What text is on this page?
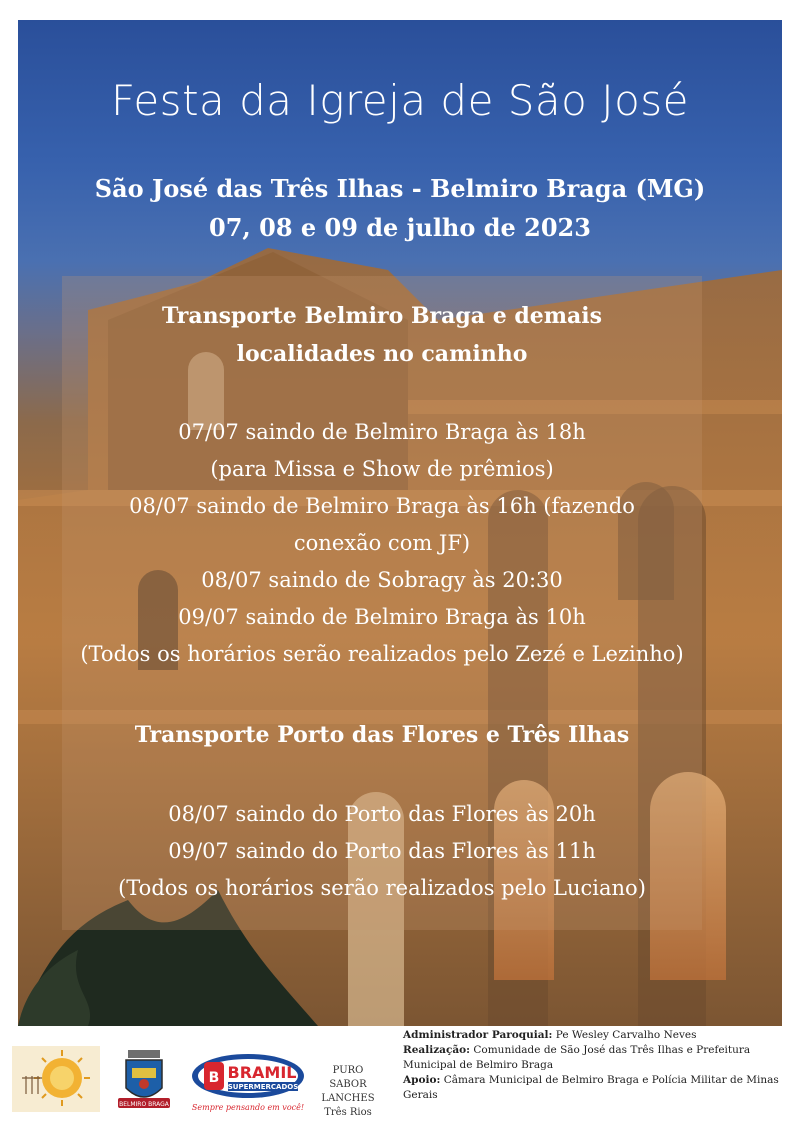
Festa da Igreja de São José
São José das Três Ilhas - Belmiro Braga (MG)
07, 08 e 09 de julho de 2023
Transporte Belmiro Braga e demais
localidades no caminho
07/07 saindo de Belmiro Braga às 18h
(para Missa e Show de prêmios)
08/07 saindo de Belmiro Braga às 16h (fazendo
conexão com JF)
08/07 saindo de Sobragy às 20:30
09/07 saindo de Belmiro Braga às 10h
(Todos os horários serão realizados pelo Zezé e Lezinho)
Transporte Porto das Flores e Três Ilhas
08/07 saindo do Porto das Flores às 20h
09/07 saindo do Porto das Flores às 11h
(Todos os horários serão realizados pelo Luciano)
BELMIRO BRAGA
B BRAMIL
SUPERMERCADOS
Sempre pensando em você!
PURO SABOR
LANCHES
Três Rios
Administrador Paroquial: Pe Wesley Carvalho Neves
Realização: Comunidade de São José das Três Ilhas e Prefeitura Municipal de Belmiro Braga
Apoio: Câmara Municipal de Belmiro Braga e Polícia Militar de Minas Gerais
